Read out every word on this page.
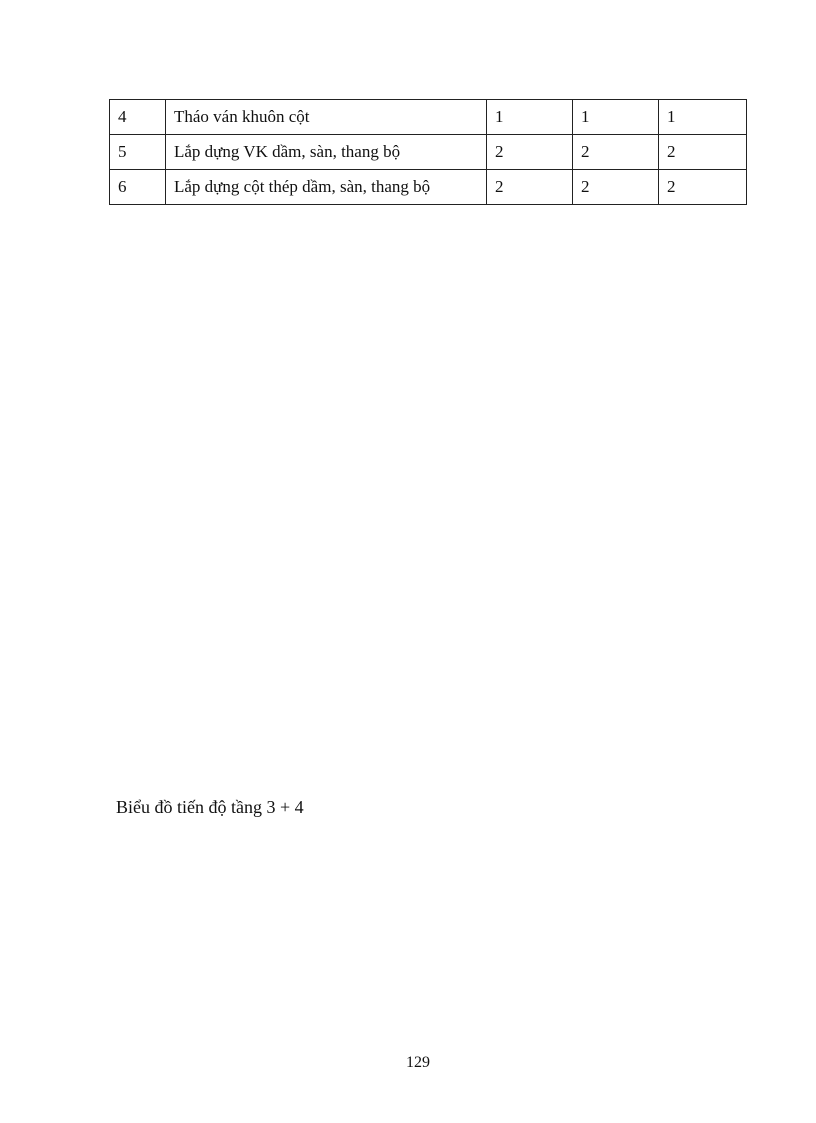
4	Tháo ván khuôn cột	1	1	1
5	Lắp dựng VK dầm, sàn, thang bộ	2	2	2
6	Lắp dựng cột thép dầm, sàn, thang bộ	2	2	2
Biểu đồ tiến độ tầng 3 + 4
129
